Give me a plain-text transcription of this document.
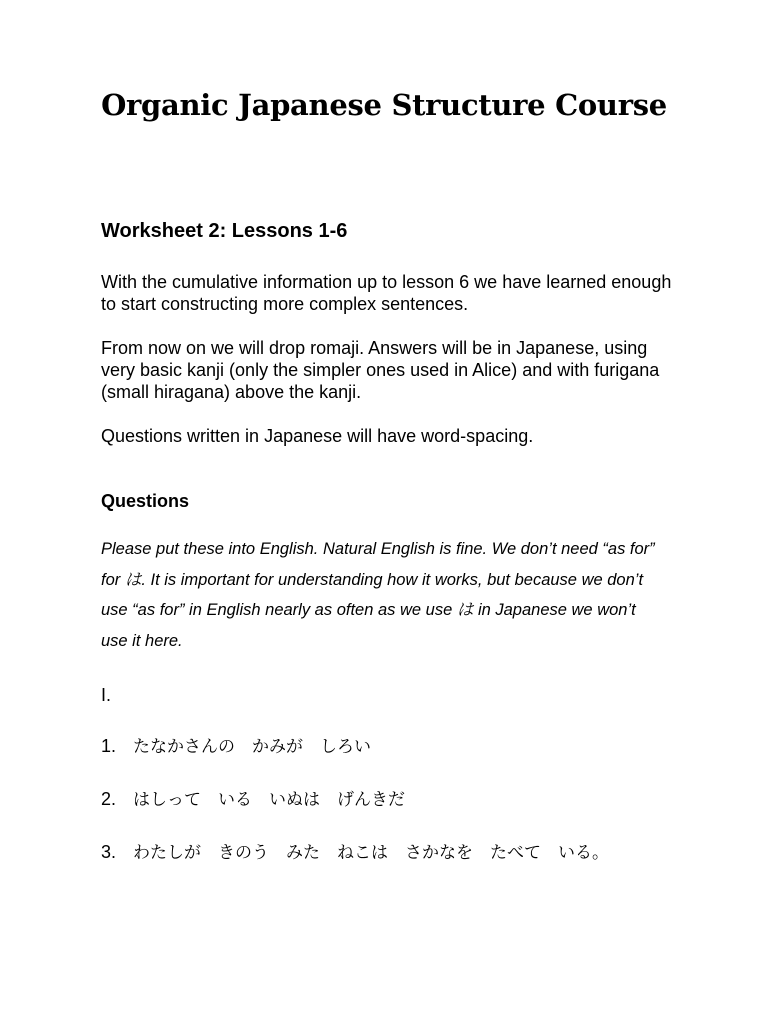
Organic Japanese Structure Course
Worksheet 2: Lessons 1-6

With the cumulative information up to lesson 6 we have learned enough to start constructing more complex sentences.

From now on we will drop romaji. Answers will be in Japanese, using very basic kanji (only the simpler ones used in Alice) and with furigana (small hiragana) above the kanji.

Questions written in Japanese will have word-spacing.

Questions

Please put these into English. Natural English is fine. We don’t need “as for” for は. It is important for understanding how it works, but because we don’t use “as for” in English nearly as often as we use は in Japanese we won’t use it here.

I.

1. たなかさんの　かみが　しろい

2. はしって　いる　いぬは　げんきだ

3. わたしが　きのう　みた　ねこは　さかなを　たべて　いる。
